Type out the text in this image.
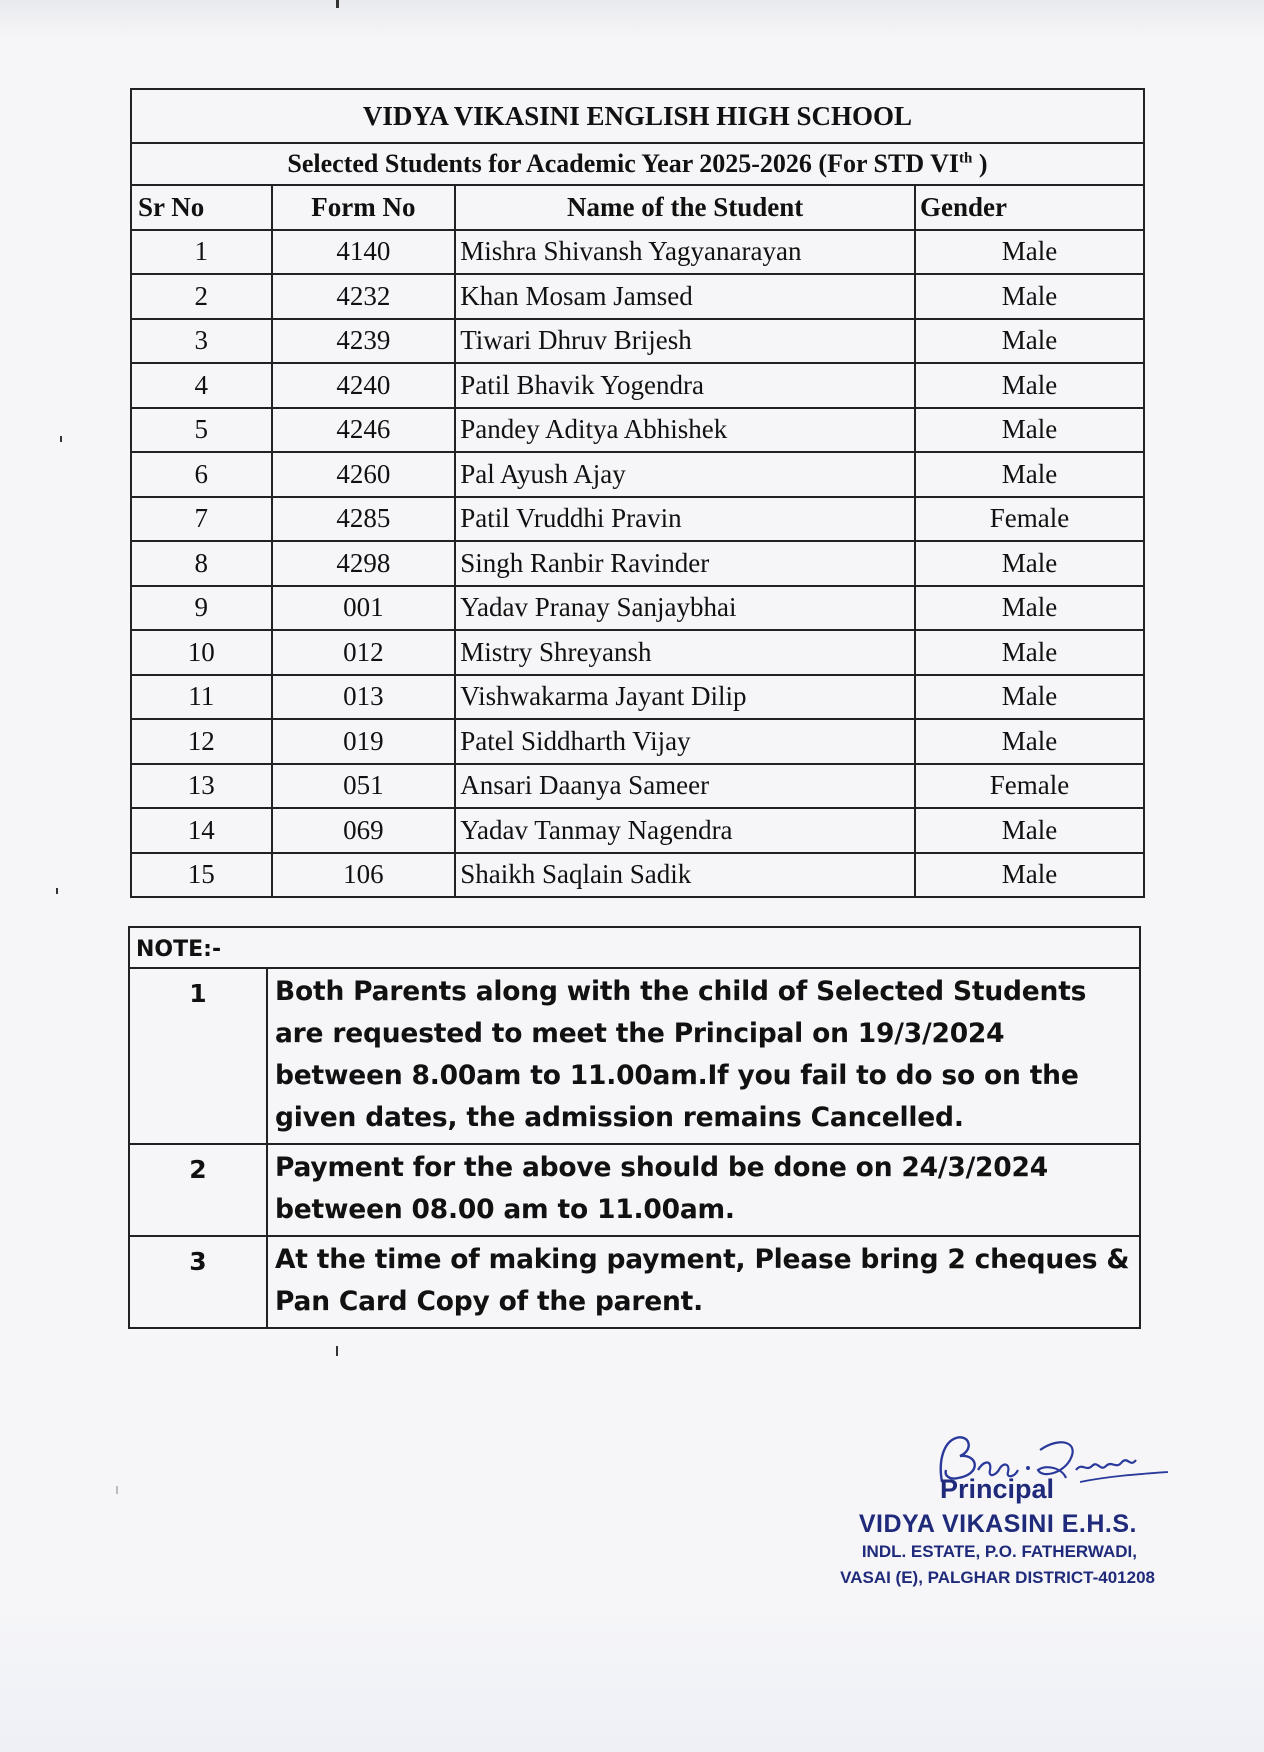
VIDYA VIKASINI ENGLISH HIGH SCHOOL			
Selected Students for Academic Year 2025-2026 (For STD VIth )			
Sr No	Form No	Name of the Student	Gender
1	4140	Mishra Shivansh Yagyanarayan	Male
2	4232	Khan Mosam Jamsed	Male
3	4239	Tiwari Dhruv Brijesh	Male
4	4240	Patil Bhavik Yogendra	Male
5	4246	Pandey Aditya Abhishek	Male
6	4260	Pal Ayush Ajay	Male
7	4285	Patil Vruddhi Pravin	Female
8	4298	Singh Ranbir Ravinder	Male
9	001	Yadav Pranay Sanjaybhai	Male
10	012	Mistry Shreyansh	Male
11	013	Vishwakarma Jayant Dilip	Male
12	019	Patel Siddharth Vijay	Male
13	051	Ansari Daanya Sameer	Female
14	069	Yadav Tanmay Nagendra	Male
15	106	Shaikh Saqlain Sadik	Male
NOTE:-	
1	Both Parents along with the child of Selected Students are requested to meet the Principal on 19/3/2024 between 8.00am to 11.00am.If you fail to do so on the given dates, the admission remains Cancelled.
2	Payment for the above should be done on 24/3/2024 between 08.00 am to 11.00am.
3	At the time of making payment, Please bring 2 cheques & Pan Card Copy of the parent.
Principal
VIDYA VIKASINI E.H.S.
INDL. ESTATE, P.O. FATHERWADI,
VASAI (E), PALGHAR DISTRICT-401208
